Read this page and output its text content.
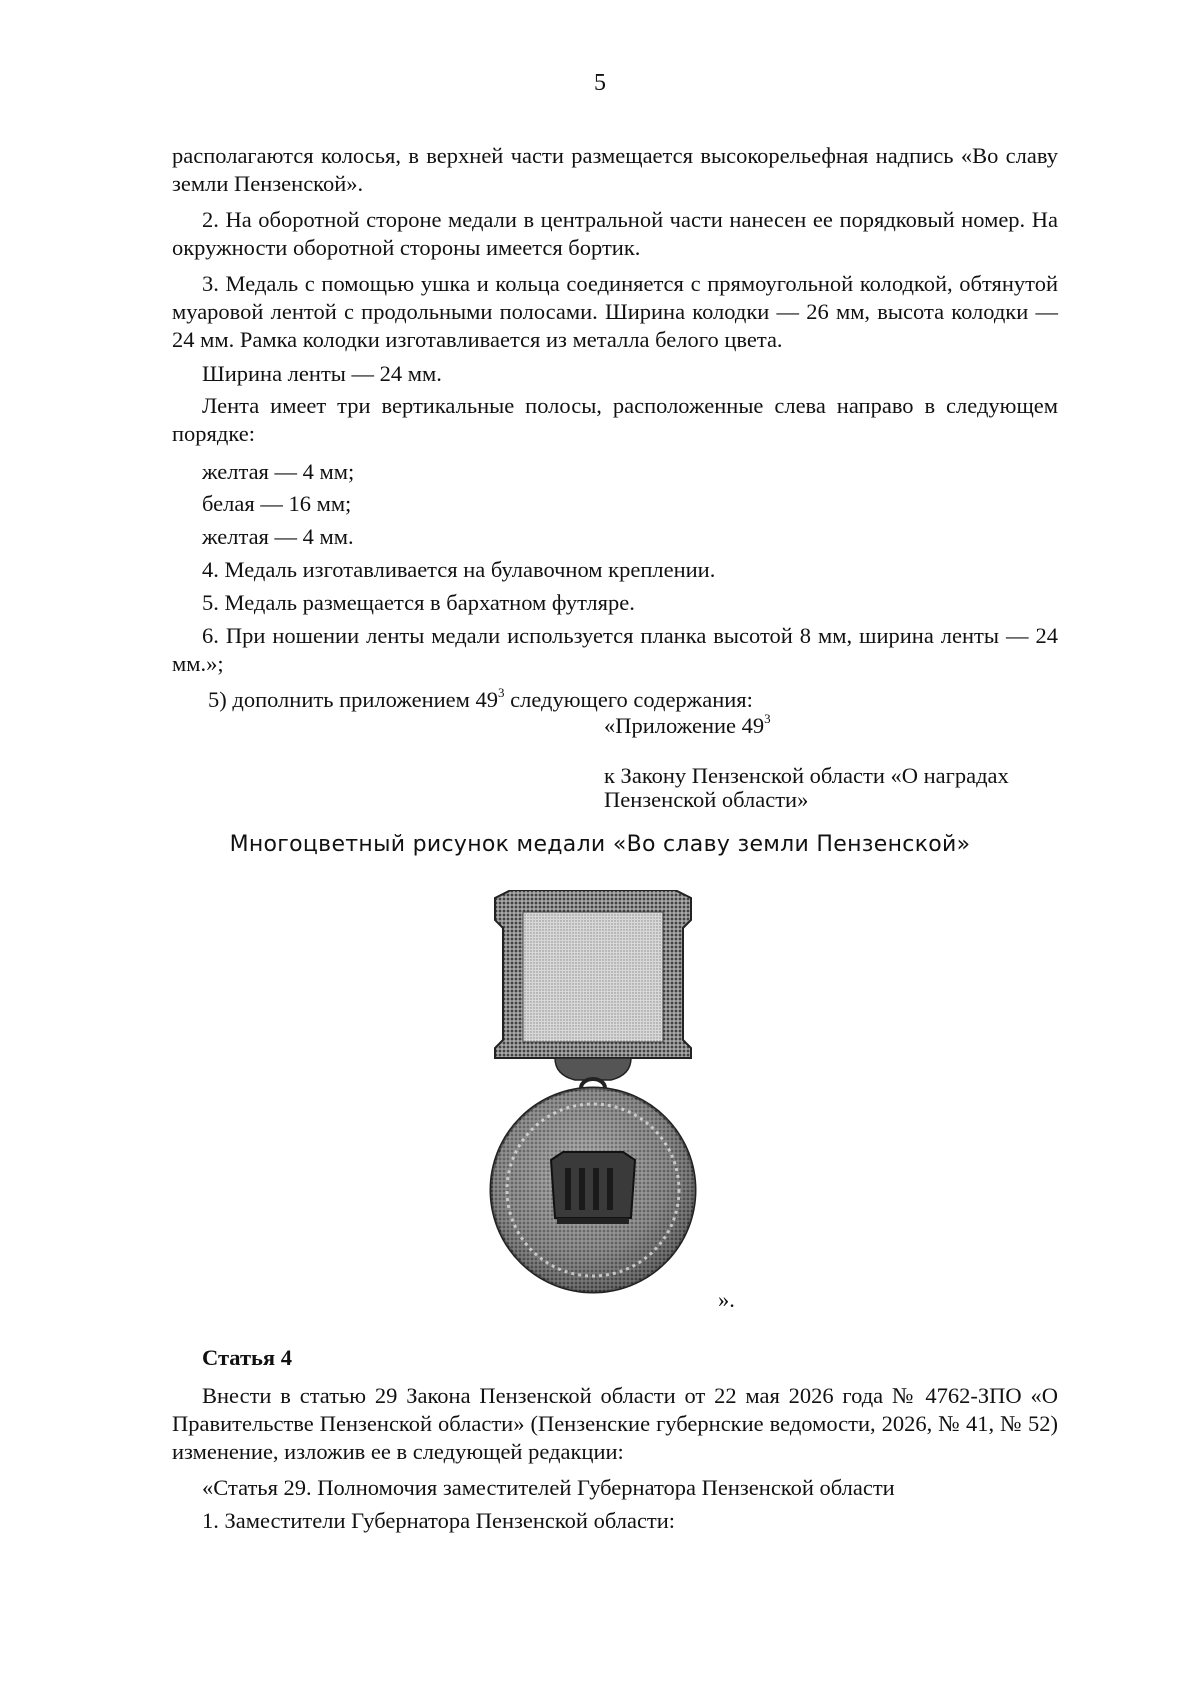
5
располагаются колосья, в верхней части размещается высокорельефная надпись «Во славу земли Пензенской».
2. На оборотной стороне медали в центральной части нанесен ее порядковый номер. На окружности оборотной стороны имеется бортик.
3. Медаль с помощью ушка и кольца соединяется с прямоугольной колодкой, обтянутой муаровой лентой с продольными полосами. Ширина колодки — 26 мм, высота колодки — 24 мм. Рамка колодки изготавливается из металла белого цвета.
Ширина ленты — 24 мм.
Лента имеет три вертикальные полосы, расположенные слева направо в следующем порядке:
желтая — 4 мм;
белая — 16 мм;
желтая — 4 мм.
4. Медаль изготавливается на булавочном креплении.
5. Медаль размещается в бархатном футляре.
6. При ношении ленты медали используется планка высотой 8 мм, ширина ленты — 24 мм.»;
5) дополнить приложением $49^3$ следующего содержания:
«Приложение $49^3$
к Закону Пензенской области «О наградах
Пензенской области»
Многоцветный рисунок медали «Во славу земли Пензенской»
».
Статья 4
Внести в статью 29 Закона Пензенской области от 22 мая 2026 года № 4762-ЗПО «О Правительстве Пензенской области» (Пензенские губернские ведомости, 2026, № 41, № 52) изменение, изложив ее в следующей редакции:
«Статья 29. Полномочия заместителей Губернатора Пензенской области
1. Заместители Губернатора Пензенской области:
